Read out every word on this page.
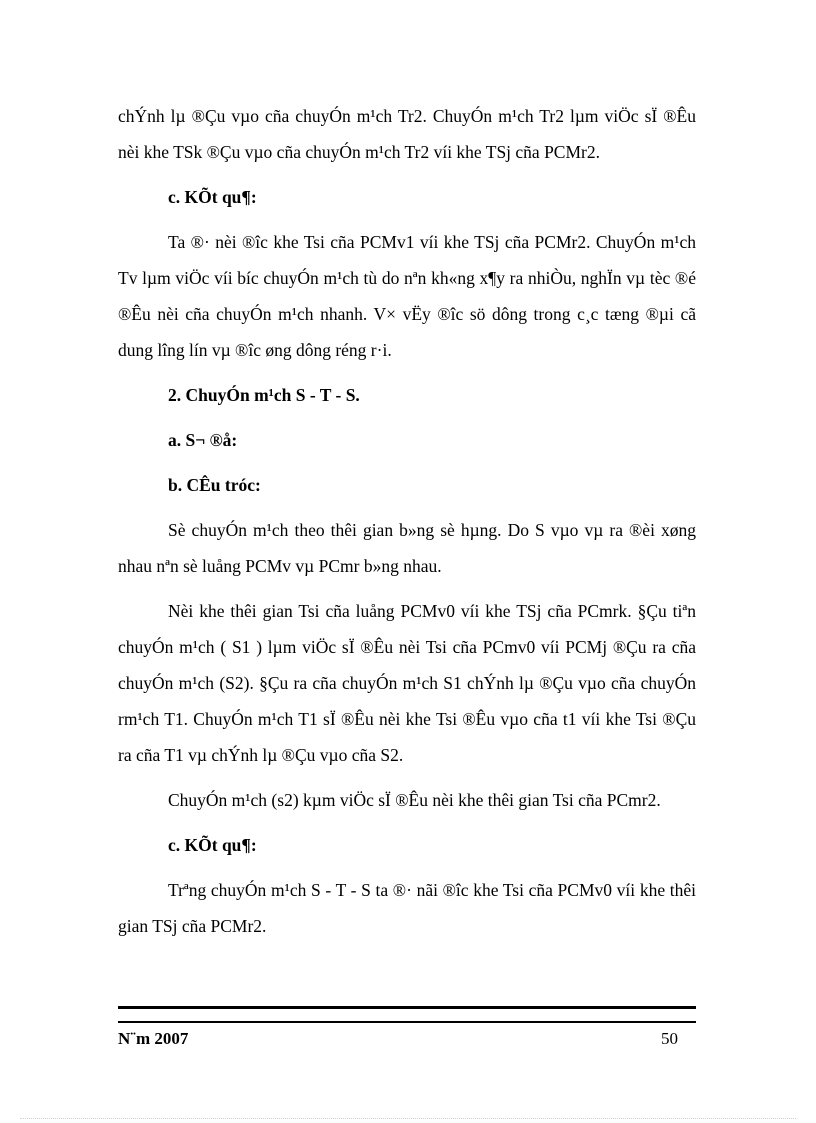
chÝnh lµ ®Çu vµo cña chuyÓn m¹ch Tr2. ChuyÓn m¹ch Tr2 lµm viÖc sÏ ®Êu nèi khe TSk ®Çu vµo cña chuyÓn m¹ch Tr2 víi khe TSj cña PCMr2.

c. KÕt qu¶:

Ta ®· nèi ®îc khe Tsi cña PCMv1 víi khe TSj cña PCMr2. ChuyÓn m¹ch Tv lµm viÖc víi bíc chuyÓn m¹ch tù do nªn kh«ng x¶y ra nhiÒu, nghÏn vµ tèc ®é ®Êu nèi cña chuyÓn m¹ch nhanh. V× vËy ®îc sö dông trong c¸c tæng ®µi cã dung lîng lín vµ ®îc øng dông réng r·i.

2. ChuyÓn m¹ch S - T - S.

a. S¬ ®å:

b. CÊu tróc:

Sè chuyÓn m¹ch theo thêi gian b»ng sè hµng. Do S vµo vµ ra ®èi xøng nhau nªn sè luång PCMv vµ PCmr b»ng nhau.

Nèi khe thêi gian Tsi cña luång PCMv0 víi khe TSj cña PCmrk. §Çu tiªn chuyÓn m¹ch ( S1 ) lµm viÖc sÏ ®Êu nèi Tsi cña PCmv0 víi PCMj ®Çu ra cña chuyÓn m¹ch (S2). §Çu ra cña chuyÓn m¹ch S1 chÝnh lµ ®Çu vµo cña chuyÓn rm¹ch T1. ChuyÓn m¹ch T1 sÏ ®Êu nèi khe Tsi ®Êu vµo cña t1 víi khe Tsi ®Çu ra cña T1 vµ chÝnh lµ ®Çu vµo cña S2.

ChuyÓn m¹ch (s2) kµm viÖc sÏ ®Êu nèi khe thêi gian Tsi cña PCmr2.

c. KÕt qu¶:

Trªng chuyÓn m¹ch S - T - S ta ®· nãi ®îc khe Tsi cña PCMv0 víi khe thêi gian TSj cña PCMr2.

N¨m 2007	50
